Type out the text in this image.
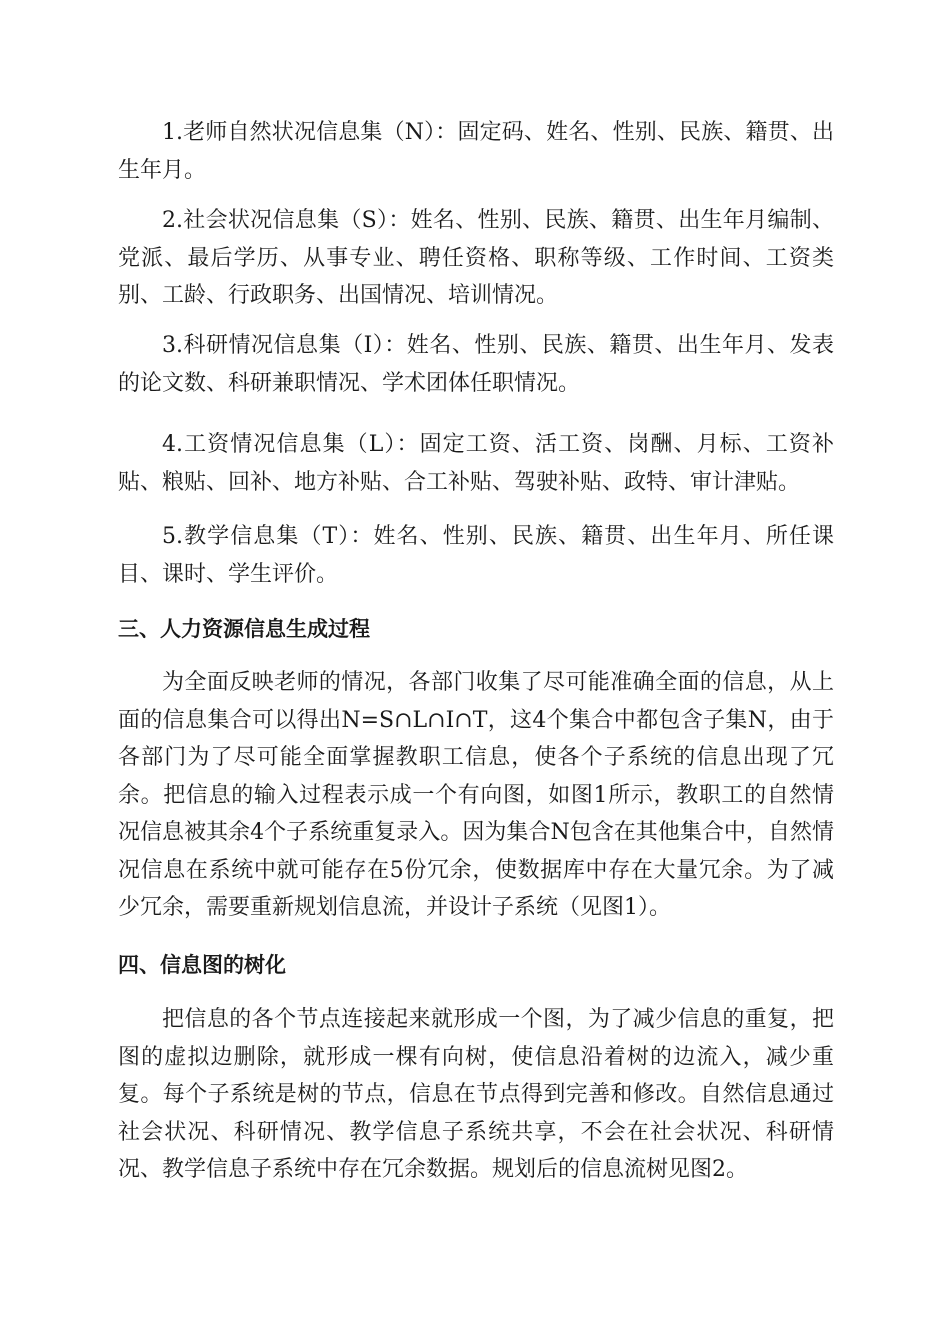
1.老师自然状况信息集（N）：固定码、姓名、性别、民族、籍贯、出生年月。

2.社会状况信息集（S）：姓名、性别、民族、籍贯、出生年月编制、党派、最后学历、从事专业、聘任资格、职称等级、工作时间、工资类别、工龄、行政职务、出国情况、培训情况。

3.科研情况信息集（I）：姓名、性别、民族、籍贯、出生年月、发表的论文数、科研兼职情况、学术团体任职情况。

4.工资情况信息集（L）：固定工资、活工资、岗酬、月标、工资补贴、粮贴、回补、地方补贴、合工补贴、驾驶补贴、政特、审计津贴。

5.教学信息集（T）：姓名、性别、民族、籍贯、出生年月、所任课目、课时、学生评价。

三、人力资源信息生成过程

为全面反映老师的情况，各部门收集了尽可能准确全面的信息，从上面的信息集合可以得出N=S∩L∩I∩T，这4个集合中都包含子集N，由于各部门为了尽可能全面掌握教职工信息，使各个子系统的信息出现了冗余。把信息的输入过程表示成一个有向图，如图1所示，教职工的自然情况信息被其余4个子系统重复录入。因为集合N包含在其他集合中，自然情况信息在系统中就可能存在5份冗余，使数据库中存在大量冗余。为了减少冗余，需要重新规划信息流，并设计子系统（见图1）。

四、信息图的树化

把信息的各个节点连接起来就形成一个图，为了减少信息的重复，把图的虚拟边删除，就形成一棵有向树，使信息沿着树的边流入，减少重复。每个子系统是树的节点，信息在节点得到完善和修改。自然信息通过社会状况、科研情况、教学信息子系统共享，不会在社会状况、科研情况、教学信息子系统中存在冗余数据。规划后的信息流树见图2。
